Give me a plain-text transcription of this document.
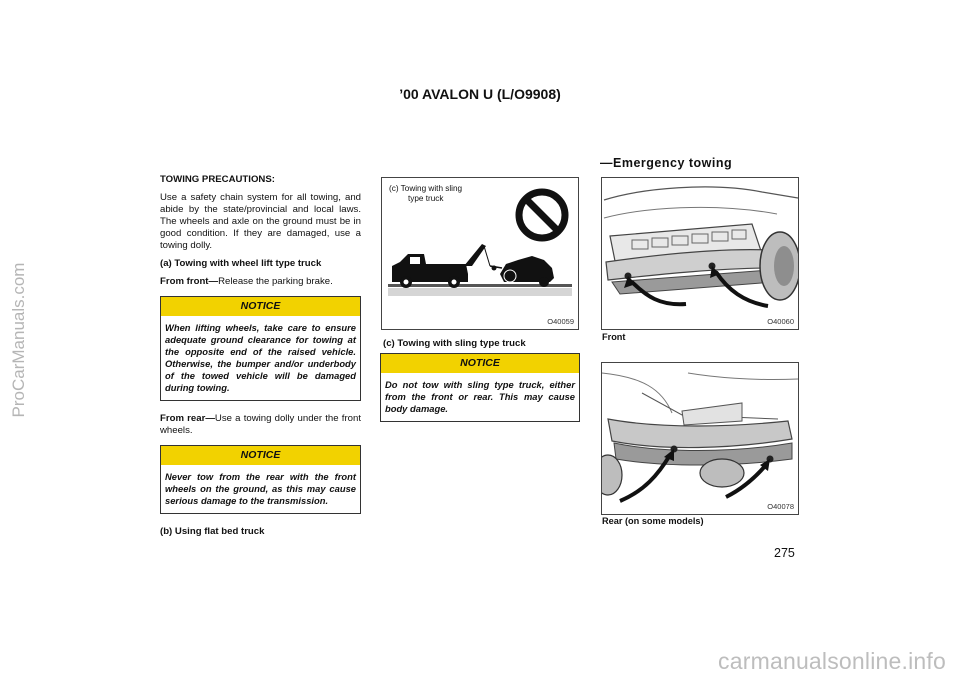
ProCarManuals.com
’00 AVALON U (L/O9908)
—Emergency towing
TOWING PRECAUTIONS:

Use a safety chain system for all towing, and abide by the state/provincial and local laws. The wheels and axle on the ground must be in good condition. If they are damaged, use a towing dolly.

(a) Towing with wheel lift type truck

From front—Release the parking brake.

NOTICE
When lifting wheels, take care to ensure adequate ground clearance for towing at the opposite end of the raised vehicle. Otherwise, the bumper and/or underbody of the towed vehicle will be damaged during towing.

From rear—Use a towing dolly under the front wheels.

NOTICE
Never tow from the rear with the front wheels on the ground, as this may cause serious damage to the transmission.

(b) Using flat bed truck

(c) Towing with sling
type truck
O40059
(c) Towing with sling type truck
NOTICE
Do not tow with sling type truck, either from the front or rear. This may cause body damage.
O40060
Front
O40078
Rear (on some models)
275
carmanualsonline.info
